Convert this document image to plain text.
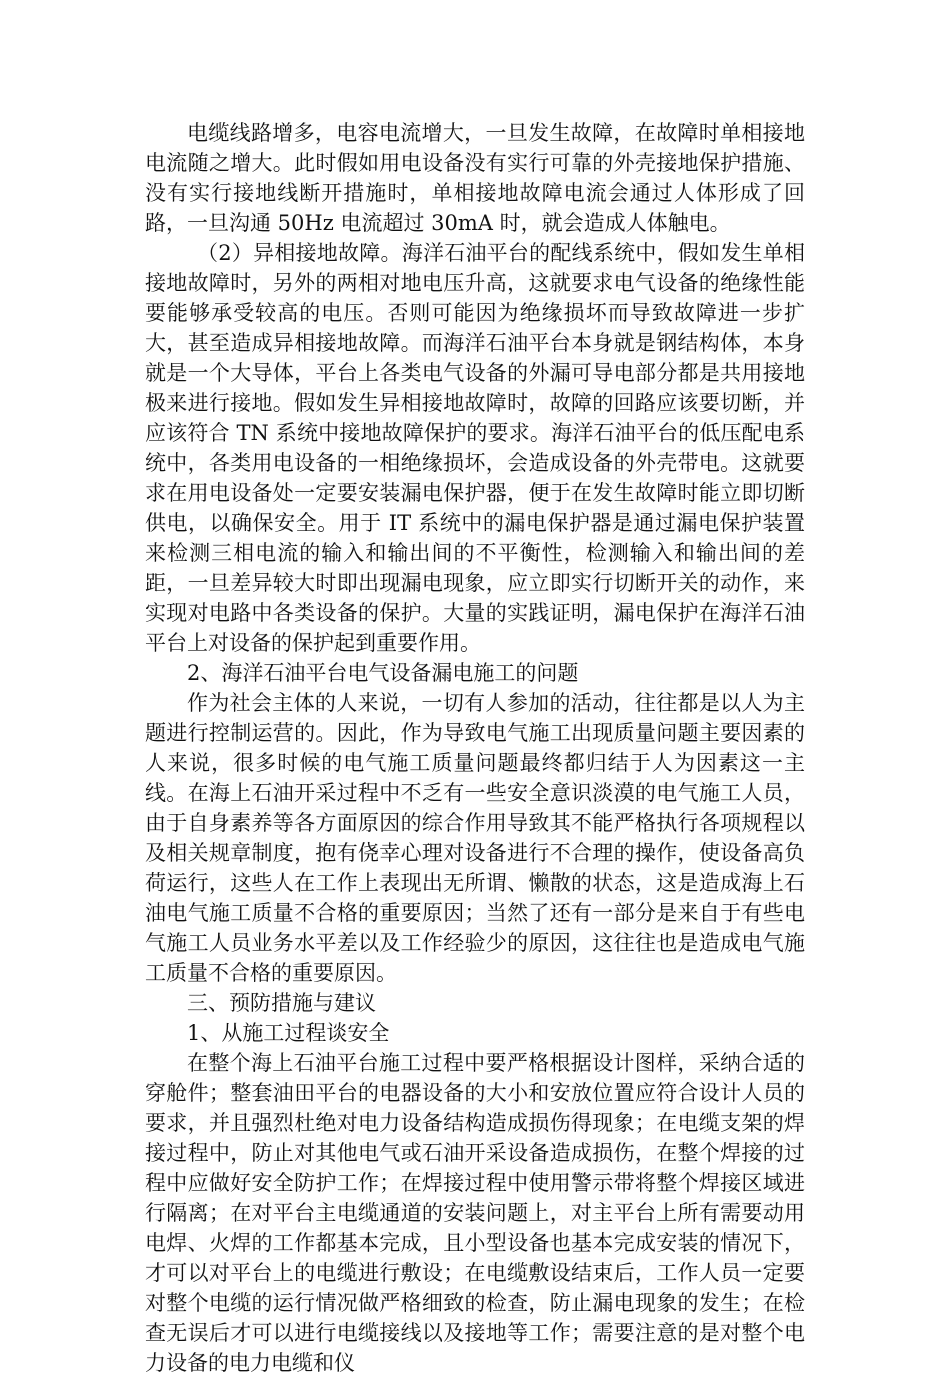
电缆线路增多，电容电流增大，一旦发生故障，在故障时单相接地电流随之增大。此时假如用电设备没有实行可靠的外壳接地保护措施、没有实行接地线断开措施时，单相接地故障电流会通过人体形成了回路，一旦沟通 50Hz 电流超过 30mA 时，就会造成人体触电。

（2）异相接地故障。海洋石油平台的配线系统中，假如发生单相接地故障时，另外的两相对地电压升高，这就要求电气设备的绝缘性能要能够承受较高的电压。否则可能因为绝缘损坏而导致故障进一步扩大，甚至造成异相接地故障。而海洋石油平台本身就是钢结构体，本身就是一个大导体，平台上各类电气设备的外漏可导电部分都是共用接地极来进行接地。假如发生异相接地故障时，故障的回路应该要切断，并应该符合 TN 系统中接地故障保护的要求。海洋石油平台的低压配电系统中，各类用电设备的一相绝缘损坏，会造成设备的外壳带电。这就要求在用电设备处一定要安装漏电保护器，便于在发生故障时能立即切断供电，以确保安全。用于 IT 系统中的漏电保护器是通过漏电保护装置来检测三相电流的输入和输出间的不平衡性，检测输入和输出间的差距，一旦差异较大时即出现漏电现象，应立即实行切断开关的动作，来实现对电路中各类设备的保护。大量的实践证明，漏电保护在海洋石油平台上对设备的保护起到重要作用。

2、海洋石油平台电气设备漏电施工的问题

作为社会主体的人来说，一切有人参加的活动，往往都是以人为主题进行控制运营的。因此，作为导致电气施工出现质量问题主要因素的人来说，很多时候的电气施工质量问题最终都归结于人为因素这一主线。在海上石油开采过程中不乏有一些安全意识淡漠的电气施工人员，由于自身素养等各方面原因的综合作用导致其不能严格执行各项规程以及相关规章制度，抱有侥幸心理对设备进行不合理的操作，使设备高负荷运行，这些人在工作上表现出无所谓、懒散的状态，这是造成海上石油电气施工质量不合格的重要原因；当然了还有一部分是来自于有些电气施工人员业务水平差以及工作经验少的原因，这往往也是造成电气施工质量不合格的重要原因。

三、预防措施与建议

1、从施工过程谈安全

在整个海上石油平台施工过程中要严格根据设计图样，采纳合适的穿舱件；整套油田平台的电器设备的大小和安放位置应符合设计人员的要求，并且强烈杜绝对电力设备结构造成损伤得现象；在电缆支架的焊接过程中，防止对其他电气或石油开采设备造成损伤，在整个焊接的过程中应做好安全防护工作；在焊接过程中使用警示带将整个焊接区域进行隔离；在对平台主电缆通道的安装问题上，对主平台上所有需要动用电焊、火焊的工作都基本完成，且小型设备也基本完成安装的情况下，才可以对平台上的电缆进行敷设；在电缆敷设结束后，工作人员一定要对整个电缆的运行情况做严格细致的检查，防止漏电现象的发生；在检查无误后才可以进行电缆接线以及接地等工作；需要注意的是对整个电力设备的电力电缆和仪
